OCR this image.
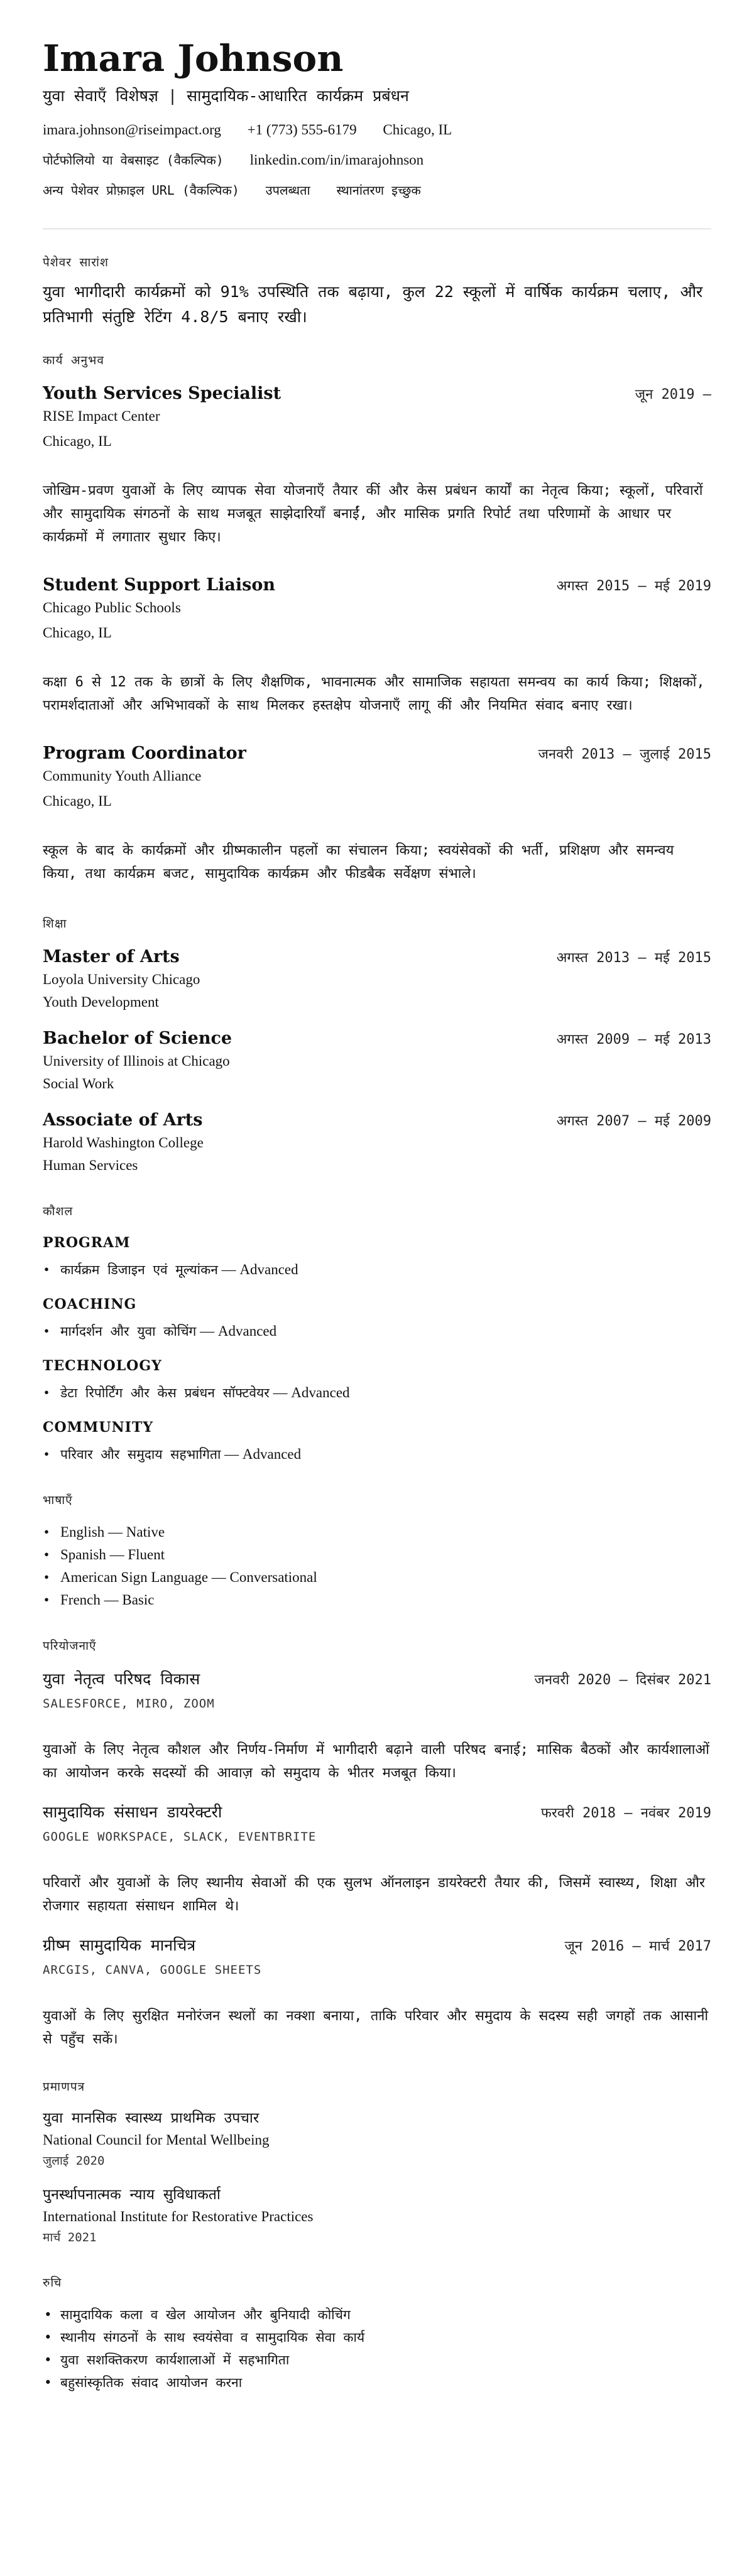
Imara Johnson
युवा सेवाएँ विशेषज्ञ | सामुदायिक-आधारित कार्यक्रम प्रबंधन
imara.johnson@riseimpact.org +1 (773) 555-6179 Chicago, IL
पोर्टफोलियो या वेबसाइट (वैकल्पिक) linkedin.com/in/imarajohnson
अन्य पेशेवर प्रोफ़ाइल URL (वैकल्पिक) उपलब्धता स्थानांतरण इच्छुक
पेशेवर सारांश
युवा भागीदारी कार्यक्रमों को 91% उपस्थिति तक बढ़ाया, कुल 22 स्कूलों में वार्षिक कार्यक्रम चलाए, और प्रतिभागी संतुष्टि रेटिंग 4.8/5 बनाए रखी।
कार्य अनुभव
Youth Services Specialist	जून 2019 —
RISE Impact Center
Chicago, IL
जोखिम-प्रवण युवाओं के लिए व्यापक सेवा योजनाएँ तैयार कीं और केस प्रबंधन कार्यों का नेतृत्व किया; स्कूलों, परिवारों और सामुदायिक संगठनों के साथ मजबूत साझेदारियाँ बनाईं, और मासिक प्रगति रिपोर्ट तथा परिणामों के आधार पर कार्यक्रमों में लगातार सुधार किए।
Student Support Liaison	अगस्त 2015 — मई 2019
Chicago Public Schools
Chicago, IL
कक्षा 6 से 12 तक के छात्रों के लिए शैक्षणिक, भावनात्मक और सामाजिक सहायता समन्वय का कार्य किया; शिक्षकों, परामर्शदाताओं और अभिभावकों के साथ मिलकर हस्तक्षेप योजनाएँ लागू कीं और नियमित संवाद बनाए रखा।
Program Coordinator	जनवरी 2013 — जुलाई 2015
Community Youth Alliance
Chicago, IL
स्कूल के बाद के कार्यक्रमों और ग्रीष्मकालीन पहलों का संचालन किया; स्वयंसेवकों की भर्ती, प्रशिक्षण और समन्वय किया, तथा कार्यक्रम बजट, सामुदायिक कार्यक्रम और फीडबैक सर्वेक्षण संभाले।
शिक्षा
Master of Arts	अगस्त 2013 — मई 2015
Loyola University Chicago
Youth Development
Bachelor of Science	अगस्त 2009 — मई 2013
University of Illinois at Chicago
Social Work
Associate of Arts	अगस्त 2007 — मई 2009
Harold Washington College
Human Services
कौशल
PROGRAM
• कार्यक्रम डिजाइन एवं मूल्यांकन — Advanced
COACHING
• मार्गदर्शन और युवा कोचिंग — Advanced
TECHNOLOGY
• डेटा रिपोर्टिंग और केस प्रबंधन सॉफ्टवेयर — Advanced
COMMUNITY
• परिवार और समुदाय सहभागिता — Advanced
भाषाएँ
• English — Native
• Spanish — Fluent
• American Sign Language — Conversational
• French — Basic
परियोजनाएँ
युवा नेतृत्व परिषद विकास	जनवरी 2020 — दिसंबर 2021
SALESFORCE, MIRO, ZOOM
युवाओं के लिए नेतृत्व कौशल और निर्णय-निर्माण में भागीदारी बढ़ाने वाली परिषद बनाई; मासिक बैठकों और कार्यशालाओं का आयोजन करके सदस्यों की आवाज़ को समुदाय के भीतर मजबूत किया।
सामुदायिक संसाधन डायरेक्टरी	फरवरी 2018 — नवंबर 2019
GOOGLE WORKSPACE, SLACK, EVENTBRITE
परिवारों और युवाओं के लिए स्थानीय सेवाओं की एक सुलभ ऑनलाइन डायरेक्टरी तैयार की, जिसमें स्वास्थ्य, शिक्षा और रोजगार सहायता संसाधन शामिल थे।
ग्रीष्म सामुदायिक मानचित्र	जून 2016 — मार्च 2017
ARCGIS, CANVA, GOOGLE SHEETS
युवाओं के लिए सुरक्षित मनोरंजन स्थलों का नक्शा बनाया, ताकि परिवार और समुदाय के सदस्य सही जगहों तक आसानी से पहुँच सकें।
प्रमाणपत्र
युवा मानसिक स्वास्थ्य प्राथमिक उपचार
National Council for Mental Wellbeing
जुलाई 2020
पुनर्स्थापनात्मक न्याय सुविधाकर्ता
International Institute for Restorative Practices
मार्च 2021
रुचि
• सामुदायिक कला व खेल आयोजन और बुनियादी कोचिंग
• स्थानीय संगठनों के साथ स्वयंसेवा व सामुदायिक सेवा कार्य
• युवा सशक्तिकरण कार्यशालाओं में सहभागिता
• बहुसांस्कृतिक संवाद आयोजन करना
